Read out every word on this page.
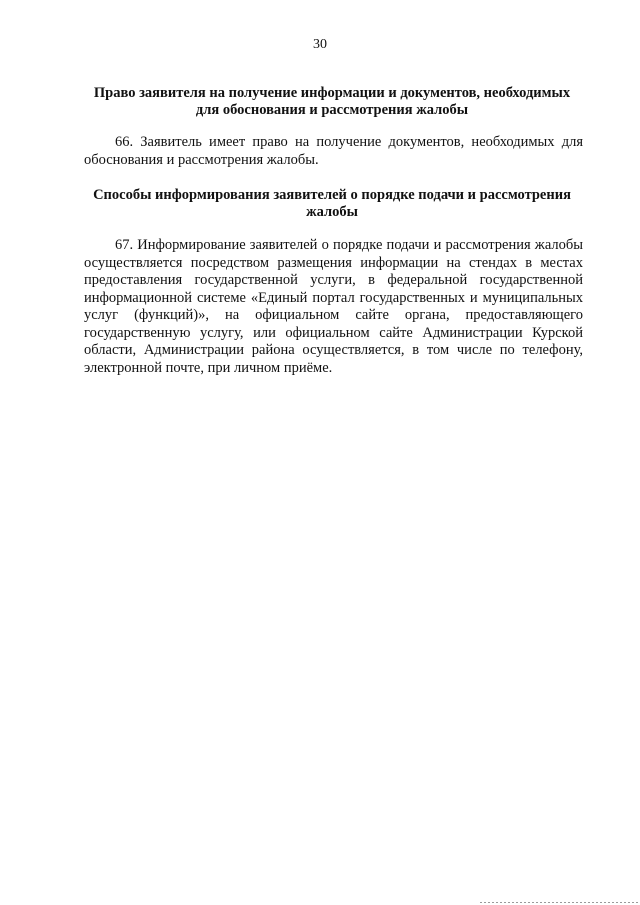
30
Право заявителя на получение информации и документов, необходимых для обоснования и рассмотрения жалобы

66. Заявитель имеет право на получение документов, необходимых для обоснования и рассмотрения жалобы.

Способы информирования заявителей о порядке подачи и рассмотрения жалобы

67. Информирование заявителей о порядке подачи и рассмотрения жалобы осуществляется посредством размещения информации на стендах в местах предоставления государственной услуги, в федеральной государственной информационной системе «Единый портал государственных и муниципальных услуг (функций)», на официальном сайте органа, предоставляющего государственную услугу, или официальном сайте Администрации Курской области, Администрации района осуществляется, в том числе по телефону, электронной почте, при личном приёме.
